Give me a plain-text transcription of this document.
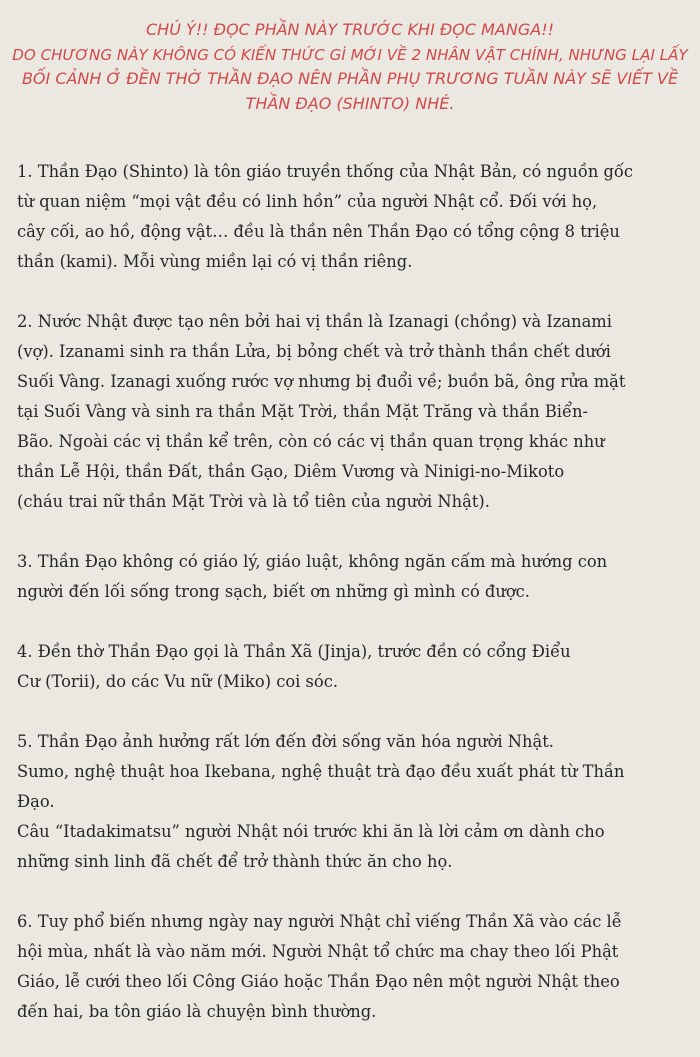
CHÚ Ý!! ĐỌC PHẦN NÀY TRƯỚC KHI ĐỌC MANGA!!
DO CHƯƠNG NÀY KHÔNG CÓ KIẾN THỨC GÌ MỚI VỀ 2 NHÂN VẬT CHÍNH, NHƯNG LẠI LẤY
BỐI CẢNH Ở ĐỀN THỜ THẦN ĐẠO NÊN PHẦN PHỤ TRƯƠNG TUẦN NÀY SẼ VIẾT VỀ
THẦN ĐẠO (SHINTO) NHÉ.
1. Thần Đạo (Shinto) là tôn giáo truyền thống của Nhật Bản, có nguồn gốc
từ quan niệm “mọi vật đều có linh hồn” của người Nhật cổ. Đối với họ,
cây cối, ao hồ, động vật… đều là thần nên Thần Đạo có tổng cộng 8 triệu
thần (kami). Mỗi vùng miền lại có vị thần riêng.
2. Nước Nhật được tạo nên bởi hai vị thần là Izanagi (chồng) và Izanami
(vợ). Izanami sinh ra thần Lửa, bị bỏng chết và trở thành thần chết dưới
Suối Vàng. Izanagi xuống rước vợ nhưng bị đuổi về; buồn bã, ông rửa mặt
tại Suối Vàng và sinh ra thần Mặt Trời, thần Mặt Trăng và thần Biển-
Bão. Ngoài các vị thần kể trên, còn có các vị thần quan trọng khác như
thần Lễ Hội, thần Đất, thần Gạo, Diêm Vương và Ninigi-no-Mikoto
(cháu trai nữ thần Mặt Trời và là tổ tiên của người Nhật).
3. Thần Đạo không có giáo lý, giáo luật, không ngăn cấm mà hướng con
người đến lối sống trong sạch, biết ơn những gì mình có được.
4. Đền thờ Thần Đạo gọi là Thần Xã (Jinja), trước đền có cổng Điểu
Cư (Torii), do các Vu nữ (Miko) coi sóc.
5. Thần Đạo ảnh hưởng rất lớn đến đời sống văn hóa người Nhật.
Sumo, nghệ thuật hoa Ikebana, nghệ thuật trà đạo đều xuất phát từ Thần
Đạo.
Câu “Itadakimatsu” người Nhật nói trước khi ăn là lời cảm ơn dành cho
những sinh linh đã chết để trở thành thức ăn cho họ.
6. Tuy phổ biến nhưng ngày nay người Nhật chỉ viếng Thần Xã vào các lễ
hội mùa, nhất là vào năm mới. Người Nhật tổ chức ma chay theo lối Phật
Giáo, lễ cưới theo lối Công Giáo hoặc Thần Đạo nên một người Nhật theo
đến hai, ba tôn giáo là chuyện bình thường.
